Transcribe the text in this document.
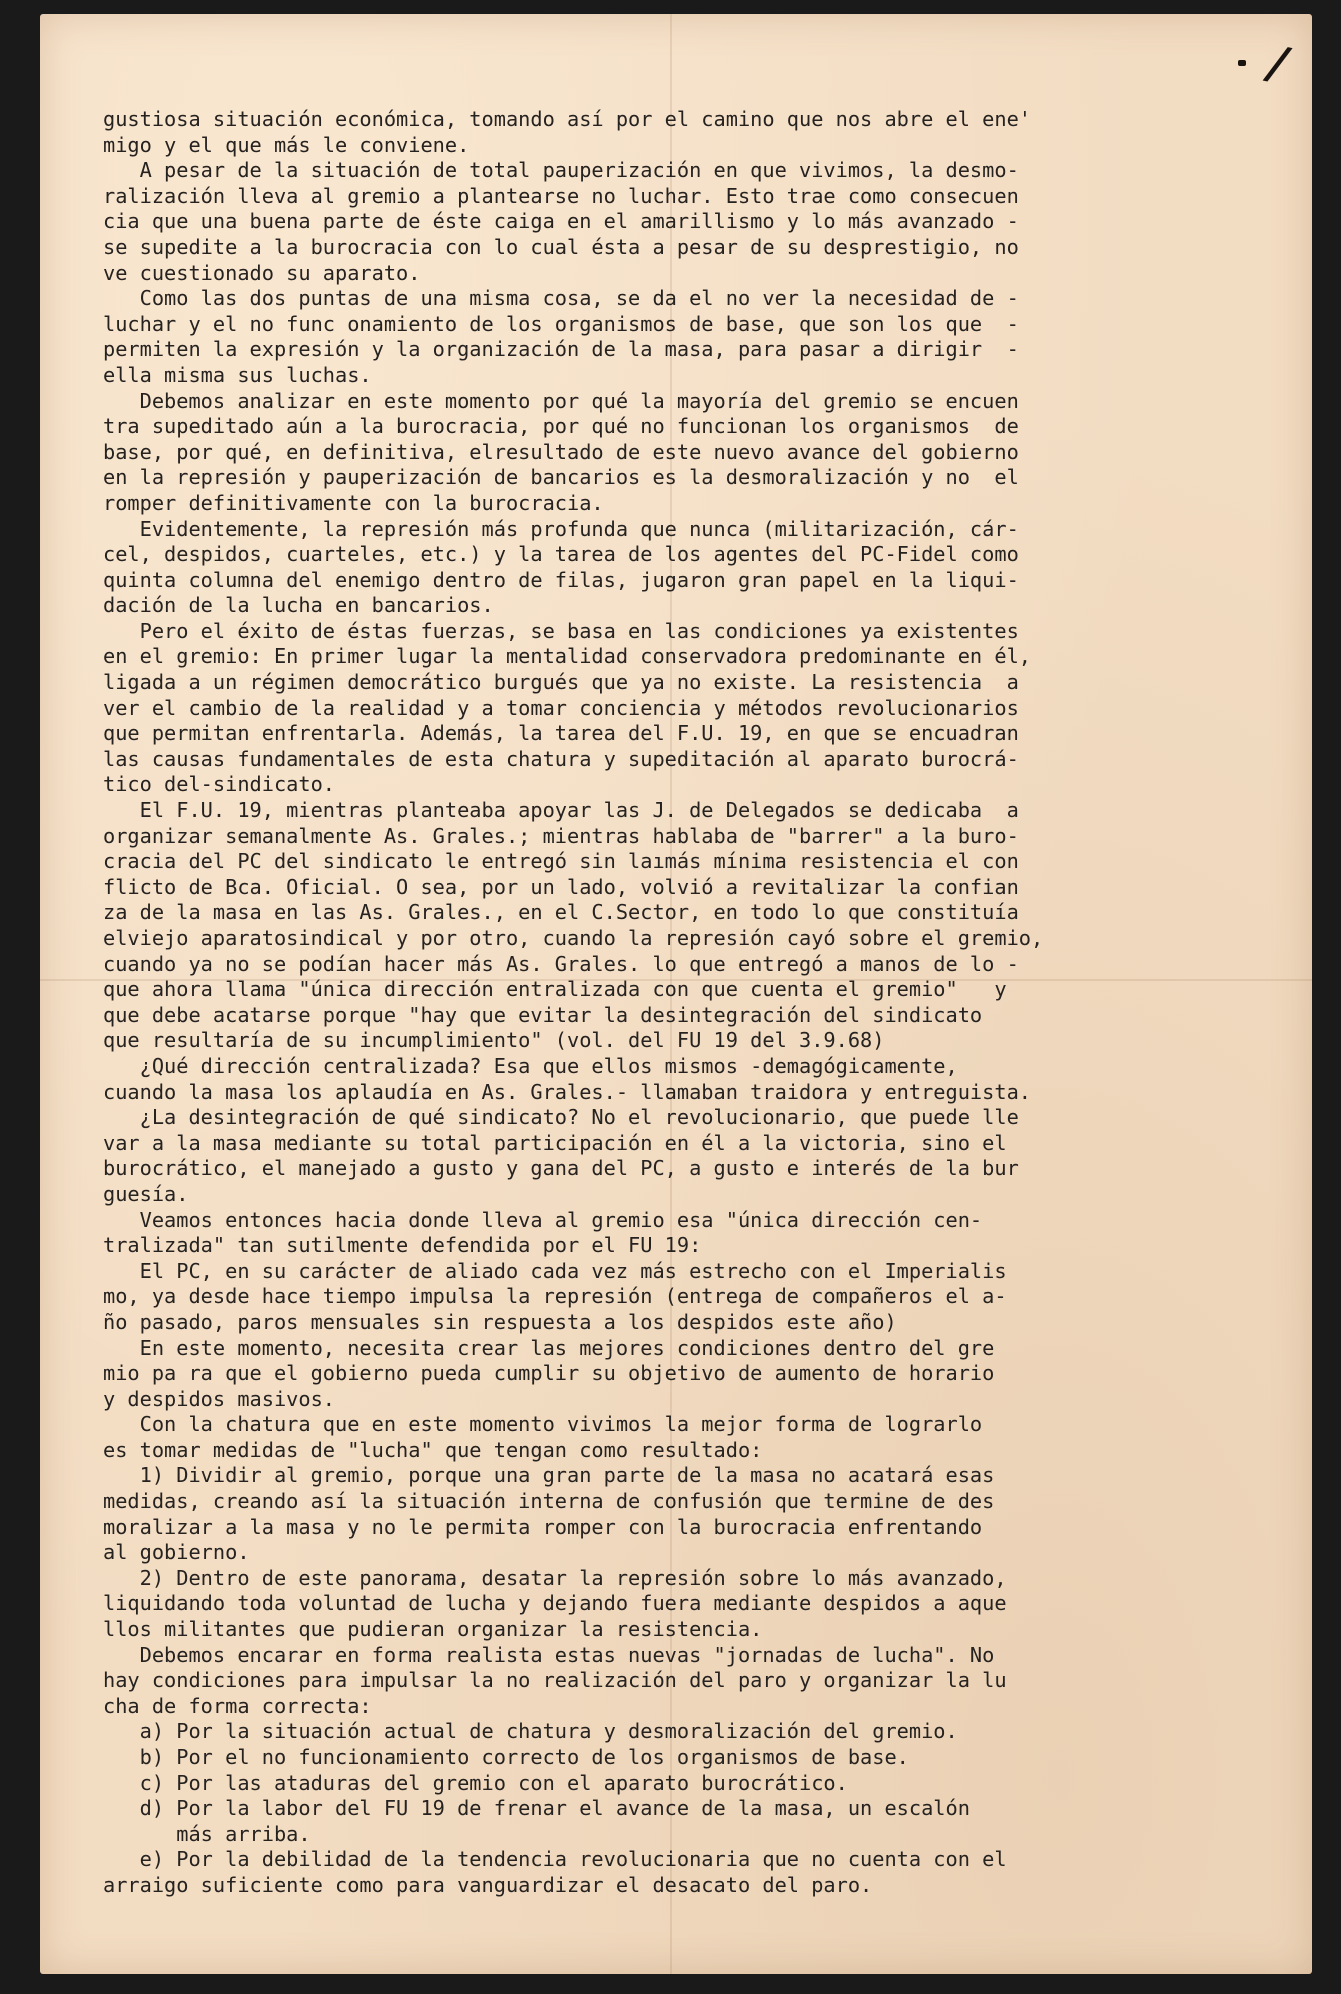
/

gustiosa situación económica, tomando así por el camino que nos abre el ene'

migo y el que más le conviene.

A pesar de la situación de total pauperización en que vivimos, la desmo-

ralización lleva al gremio a plantearse no luchar. Esto trae como consecuen

cia que una buena parte de éste caiga en el amarillismo y lo más avanzado -

se supedite a la burocracia con lo cual ésta a pesar de su desprestigio, no

ve cuestionado su aparato.

Como las dos puntas de una misma cosa, se da el no ver la necesidad de -

luchar y el no func onamiento de los organismos de base, que son los que  -

permiten la expresión y la organización de la masa, para pasar a dirigir  -

ella misma sus luchas.

Debemos analizar en este momento por qué la mayoría del gremio se encuen

tra supeditado aún a la burocracia, por qué no funcionan los organismos  de

base, por qué, en definitiva, elresultado de este nuevo avance del gobierno

en la represión y pauperización de bancarios es la desmoralización y no  el

romper definitivamente con la burocracia.

Evidentemente, la represión más profunda que nunca (militarización, cár-

cel, despidos, cuarteles, etc.) y la tarea de los agentes del PC-Fidel como

quinta columna del enemigo dentro de filas, jugaron gran papel en la liqui-

dación de la lucha en bancarios.

Pero el éxito de éstas fuerzas, se basa en las condiciones ya existentes

en el gremio: En primer lugar la mentalidad conservadora predominante en él,

ligada a un régimen democrático burgués que ya no existe. La resistencia  a

ver el cambio de la realidad y a tomar conciencia y métodos revolucionarios

que permitan enfrentarla. Además, la tarea del F.U. 19, en que se encuadran

las causas fundamentales de esta chatura y supeditación al aparato burocrá-

tico del-sindicato.

El F.U. 19, mientras planteaba apoyar las J. de Delegados se dedicaba  a

organizar semanalmente As. Grales.; mientras hablaba de "barrer" a la buro-

cracia del PC del sindicato le entregó sin laımás mínima resistencia el con

flicto de Bca. Oficial. O sea, por un lado, volvió a revitalizar la confian

za de la masa en las As. Grales., en el C.Sector, en todo lo que constituía

elviejo aparatosindical y por otro, cuando la represión cayó sobre el gremio,

cuando ya no se podían hacer más As. Grales. lo que entregó a manos de lo -

que ahora llama "única dirección entralizada con que cuenta el gremio"   y

que debe acatarse porque "hay que evitar la desintegración del sindicato

que resultaría de su incumplimiento" (vol. del FU 19 del 3.9.68)

¿Qué dirección centralizada? Esa que ellos mismos -demagógicamente,

cuando la masa los aplaudía en As. Grales.- llamaban traidora y entreguista.

¿La desintegración de qué sindicato? No el revolucionario, que puede lle

var a la masa mediante su total participación en él a la victoria, sino el

burocrático, el manejado a gusto y gana del PC, a gusto e interés de la bur

guesía.

Veamos entonces hacia donde lleva al gremio esa "única dirección cen-

tralizada" tan sutilmente defendida por el FU 19:

El PC, en su carácter de aliado cada vez más estrecho con el Imperialis

mo, ya desde hace tiempo impulsa la represión (entrega de compañeros el a-

ño pasado, paros mensuales sin respuesta a los despidos este año)

En este momento, necesita crear las mejores condiciones dentro del gre

mio pa ra que el gobierno pueda cumplir su objetivo de aumento de horario

y despidos masivos.

Con la chatura que en este momento vivimos la mejor forma de lograrlo

es tomar medidas de "lucha" que tengan como resultado:

1) Dividir al gremio, porque una gran parte de la masa no acatará esas

medidas, creando así la situación interna de confusión que termine de des

moralizar a la masa y no le permita romper con la burocracia enfrentando

al gobierno.

2) Dentro de este panorama, desatar la represión sobre lo más avanzado,

liquidando toda voluntad de lucha y dejando fuera mediante despidos a aque

llos militantes que pudieran organizar la resistencia.

Debemos encarar en forma realista estas nuevas "jornadas de lucha". No

hay condiciones para impulsar la no realización del paro y organizar la lu

cha de forma correcta:

a) Por la situación actual de chatura y desmoralización del gremio.

b) Por el no funcionamiento correcto de los organismos de base.

c) Por las ataduras del gremio con el aparato burocrático.

d) Por la labor del FU 19 de frenar el avance de la masa, un escalón

más arriba.

e) Por la debilidad de la tendencia revolucionaria que no cuenta con el

arraigo suficiente como para vanguardizar el desacato del paro.
